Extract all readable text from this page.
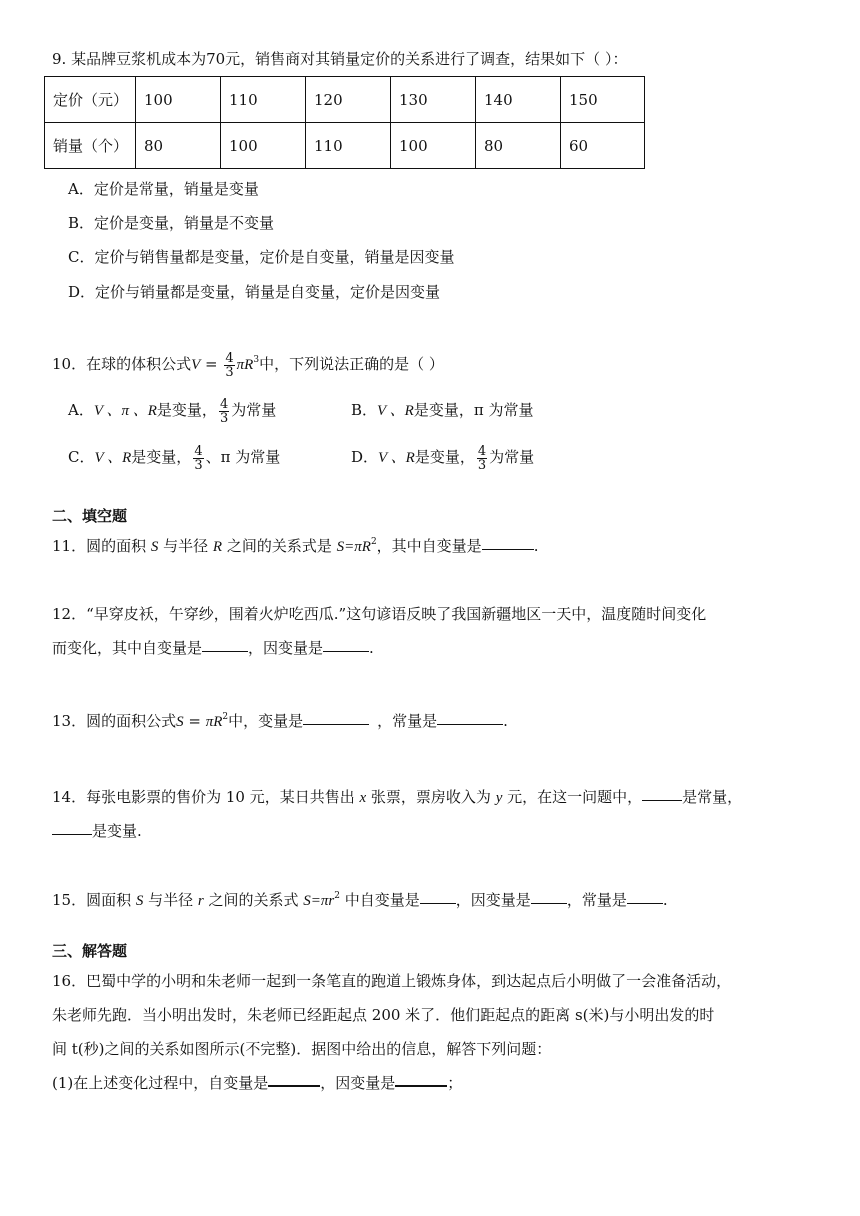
9. 某品牌豆浆机成本为70元，销售商对其销量定价的关系进行了调查，结果如下（ ）：
定价（元）	100	110	120	130	140	150
销量（个）	80	100	110	100	80	60
A．定价是常量，销量是变量
B．定价是变量，销量是不变量
C．定价与销售量都是变量，定价是自变量，销量是因变量
D．定价与销量都是变量，销量是自变量，定价是因变量
10．在球的体积公式$V = \frac{4}{3} \pi R^3$中，下列说法正确的是（ ）
A．V 、π 、R是变量， $\frac{4}{3}$ 为常量	B．V 、R是变量，π 为常量
C．V 、R是变量， $\frac{4}{3}$ 、π 为常量	D．V 、R是变量， $\frac{4}{3}$ 为常量
二、填空题
11．圆的面积 S 与半径 R 之间的关系式是 $S=\pi R^2$，其中自变量是	.
12．“早穿皮袄，午穿纱，围着火炉吃西瓜.”这句谚语反映了我国新疆地区一天中，温度随时间变化
而变化，其中自变量是	，因变量是	.
13．圆的面积公式$S = \pi R^2$中，变量是	，常量是	.
14．每张电影票的售价为 10 元，某日共售出 x 张票，票房收入为 y 元，在这一问题中，	是常量，
是变量.
15．圆面积 S 与半径 r 之间的关系式 $S=\pi r^2$ 中自变量是 ，因变量是 ，常量是 .
三、解答题
16．巴蜀中学的小明和朱老师一起到一条笔直的跑道上锻炼身体，到达起点后小明做了一会准备活动，
朱老师先跑．当小明出发时，朱老师已经距起点 200 米了．他们距起点的距离 s(米)与小明出发的时
间 t(秒)之间的关系如图所示(不完整)．据图中给出的信息，解答下列问题：
(1)在上述变化过程中，自变量是	，因变量是	；
